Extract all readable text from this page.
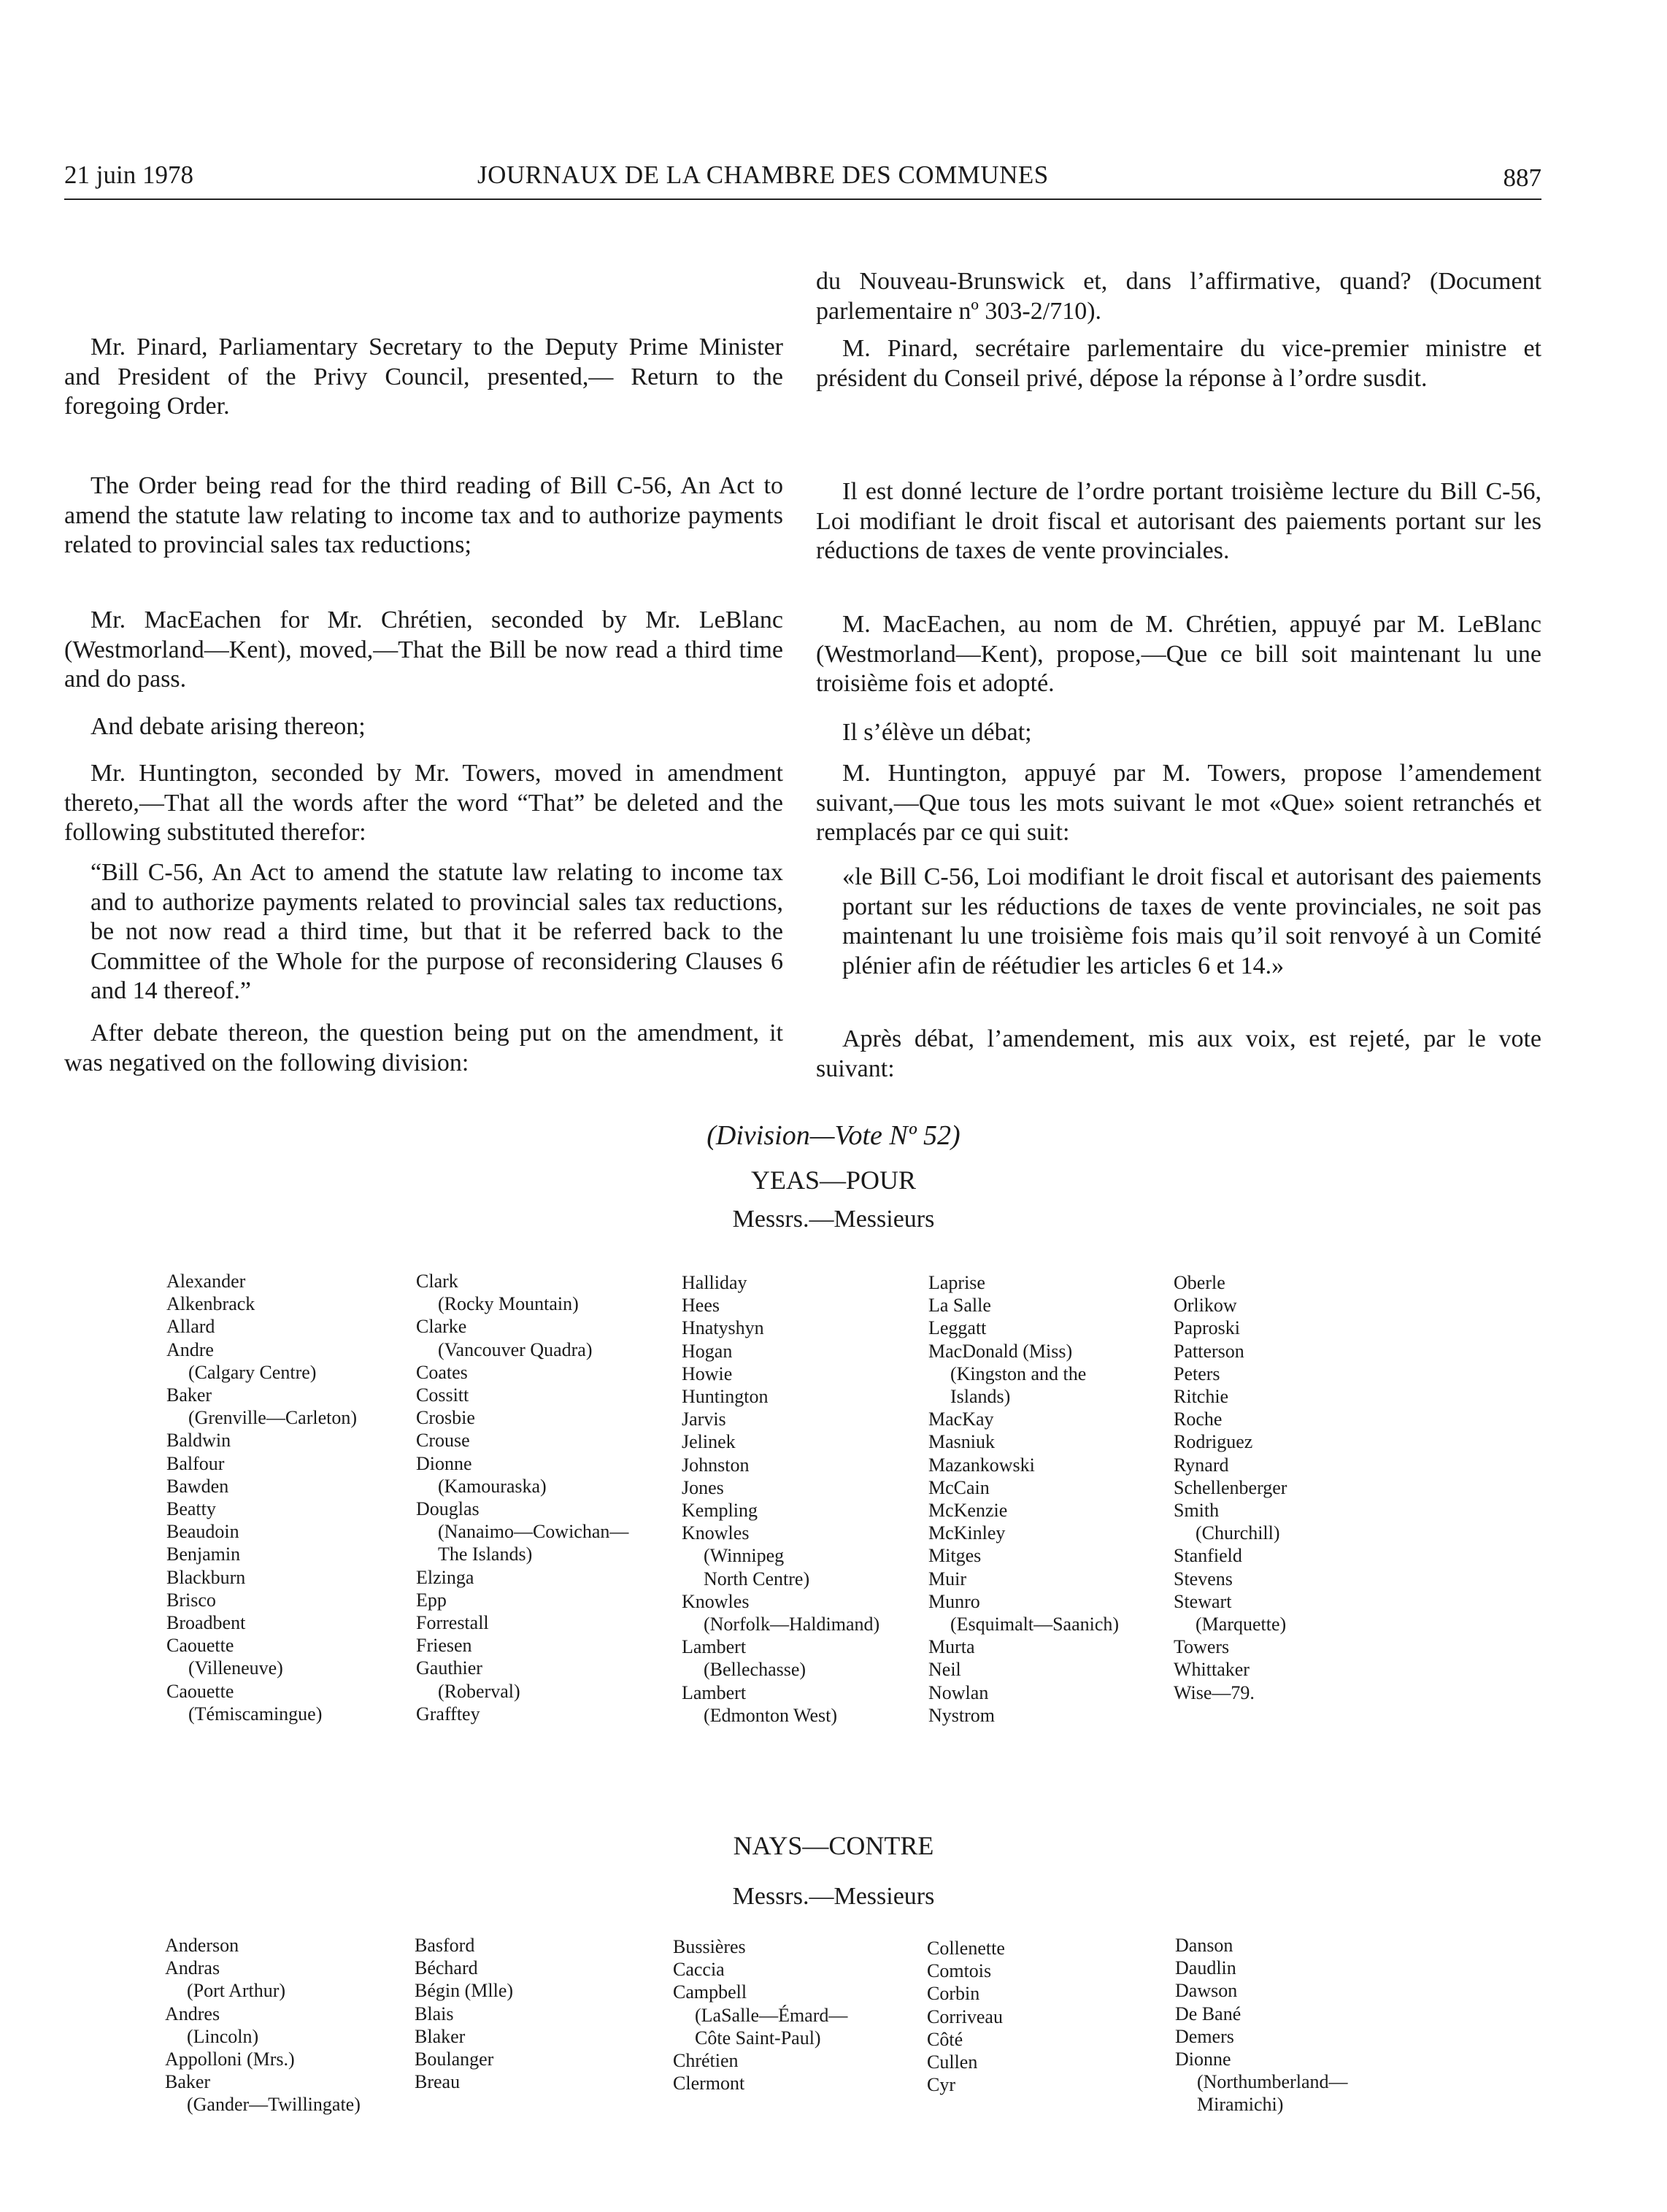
21 juin 1978	JOURNAUX DE LA CHAMBRE DES COMMUNES	887

Mr. Pinard, Parliamentary Secretary to the Deputy Prime Minister and President of the Privy Council, presented,— Return to the foregoing Order.

The Order being read for the third reading of Bill C-56, An Act to amend the statute law relating to income tax and to authorize payments related to provincial sales tax reductions;

Mr. MacEachen for Mr. Chrétien, seconded by Mr. LeBlanc (Westmorland—Kent), moved,—That the Bill be now read a third time and do pass.

And debate arising thereon;

Mr. Huntington, seconded by Mr. Towers, moved in amendment thereto,—That all the words after the word “That” be deleted and the following substituted therefor:

“Bill C-56, An Act to amend the statute law relating to income tax and to authorize payments related to provincial sales tax reductions, be not now read a third time, but that it be referred back to the Committee of the Whole for the purpose of reconsidering Clauses 6 and 14 thereof.”

After debate thereon, the question being put on the amendment, it was negatived on the following division:

du Nouveau-Brunswick et, dans l’affirmative, quand? (Document parlementaire nº 303-2/710).

M. Pinard, secrétaire parlementaire du vice-premier ministre et président du Conseil privé, dépose la réponse à l’ordre susdit.

Il est donné lecture de l’ordre portant troisième lecture du Bill C-56, Loi modifiant le droit fiscal et autorisant des paiements portant sur les réductions de taxes de vente provinciales.

M. MacEachen, au nom de M. Chrétien, appuyé par M. LeBlanc (Westmorland—Kent), propose,—Que ce bill soit maintenant lu une troisième fois et adopté.

Il s’élève un débat;

M. Huntington, appuyé par M. Towers, propose l’amendement suivant,—Que tous les mots suivant le mot «Que» soient retranchés et remplacés par ce qui suit:

«le Bill C-56, Loi modifiant le droit fiscal et autorisant des paiements portant sur les réductions de taxes de vente provinciales, ne soit pas maintenant lu une troisième fois mais qu’il soit renvoyé à un Comité plénier afin de réétudier les articles 6 et 14.»

Après débat, l’amendement, mis aux voix, est rejeté, par le vote suivant:

(Division—Vote Nº 52)
YEAS—POUR
Messrs.—Messieurs
Alexander
Alkenbrack
Allard
Andre
(Calgary Centre)
Baker
(Grenville—Carleton)
Baldwin
Balfour
Bawden
Beatty
Beaudoin
Benjamin
Blackburn
Brisco
Broadbent
Caouette
(Villeneuve)
Caouette
(Témiscamingue)
Clark
(Rocky Mountain)
Clarke
(Vancouver Quadra)
Coates
Cossitt
Crosbie
Crouse
Dionne
(Kamouraska)
Douglas
(Nanaimo—Cowichan—
The Islands)
Elzinga
Epp
Forrestall
Friesen
Gauthier
(Roberval)
Grafftey
Halliday
Hees
Hnatyshyn
Hogan
Howie
Huntington
Jarvis
Jelinek
Johnston
Jones
Kempling
Knowles
(Winnipeg
North Centre)
Knowles
(Norfolk—Haldimand)
Lambert
(Bellechasse)
Lambert
(Edmonton West)
Laprise
La Salle
Leggatt
MacDonald (Miss)
(Kingston and the
Islands)
MacKay
Masniuk
Mazankowski
McCain
McKenzie
McKinley
Mitges
Muir
Munro
(Esquimalt—Saanich)
Murta
Neil
Nowlan
Nystrom
Oberle
Orlikow
Paproski
Patterson
Peters
Ritchie
Roche
Rodriguez
Rynard
Schellenberger
Smith
(Churchill)
Stanfield
Stevens
Stewart
(Marquette)
Towers
Whittaker
Wise—79.
NAYS—CONTRE
Messrs.—Messieurs
Anderson
Andras
(Port Arthur)
Andres
(Lincoln)
Appolloni (Mrs.)
Baker
(Gander—Twillingate)
Basford
Béchard
Bégin (Mlle)
Blais
Blaker
Boulanger
Breau
Bussières
Caccia
Campbell
(LaSalle—Émard—
Côte Saint-Paul)
Chrétien
Clermont
Collenette
Comtois
Corbin
Corriveau
Côté
Cullen
Cyr
Danson
Daudlin
Dawson
De Bané
Demers
Dionne
(Northumberland—
Miramichi)
